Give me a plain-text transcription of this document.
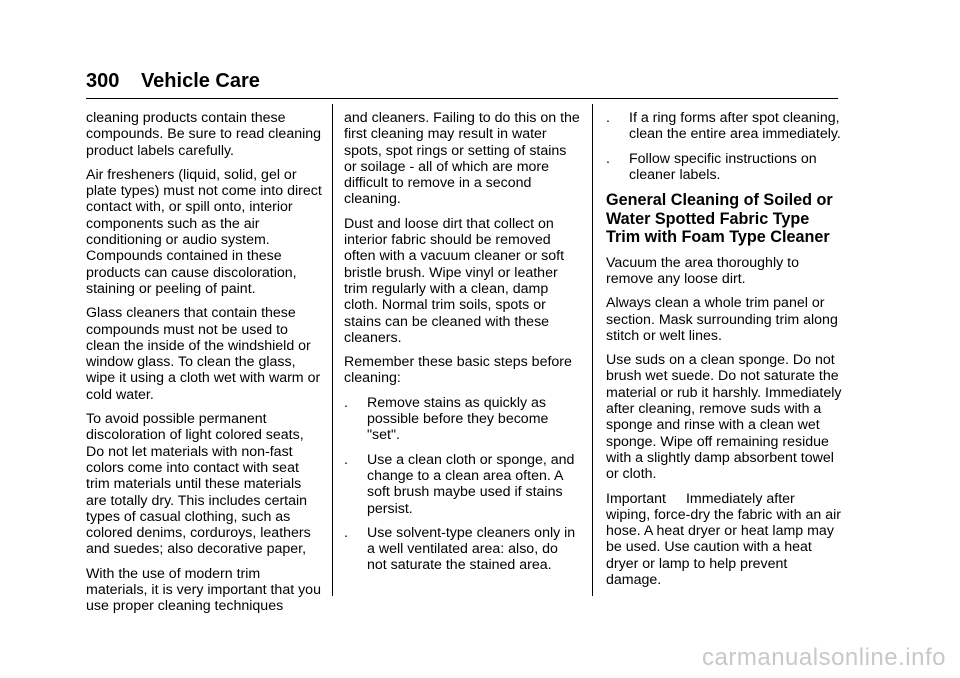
300 Vehicle Care

cleaning products contain these compounds. Be sure to read cleaning product labels carefully.

Air fresheners (liquid, solid, gel or plate types) must not come into direct contact with, or spill onto, interior components such as the air conditioning or audio system. Compounds contained in these products can cause discoloration, staining or peeling of paint.

Glass cleaners that contain these compounds must not be used to clean the inside of the windshield or window glass. To clean the glass, wipe it using a cloth wet with warm or cold water.

To avoid possible permanent discoloration of light colored seats, Do not let materials with non-fast colors come into contact with seat trim materials until these materials are totally dry. This includes certain types of casual clothing, such as colored denims, corduroys, leathers and suedes; also decorative paper,

With the use of modern trim materials, it is very important that you use proper cleaning techniques

and cleaners. Failing to do this on the first cleaning may result in water spots, spot rings or setting of stains or soilage - all of which are more difficult to remove in a second cleaning.

Dust and loose dirt that collect on interior fabric should be removed often with a vacuum cleaner or soft bristle brush. Wipe vinyl or leather trim regularly with a clean, damp cloth. Normal trim soils, spots or stains can be cleaned with these cleaners.

Remember these basic steps before cleaning:

.	Remove stains as quickly as possible before they become "set".
.	Use a clean cloth or sponge, and change to a clean area often. A soft brush maybe used if stains persist.
.	Use solvent-type cleaners only in a well ventilated area: also, do not saturate the stained area.
.	If a ring forms after spot cleaning, clean the entire area immediately.
.	Follow specific instructions on cleaner labels.
General Cleaning of Soiled or Water Spotted Fabric Type Trim with Foam Type Cleaner

Vacuum the area thoroughly to remove any loose dirt.

Always clean a whole trim panel or section. Mask surrounding trim along stitch or welt lines.

Use suds on a clean sponge. Do not brush wet suede. Do not saturate the material or rub it harshly. Immediately after cleaning, remove suds with a sponge and rinse with a clean wet sponge. Wipe off remaining residue with a slightly damp absorbent towel or cloth.

Important Immediately after wiping, force-dry the fabric with an air hose. A heat dryer or heat lamp may be used. Use caution with a heat dryer or lamp to help prevent damage.

carmanualsonline.info
